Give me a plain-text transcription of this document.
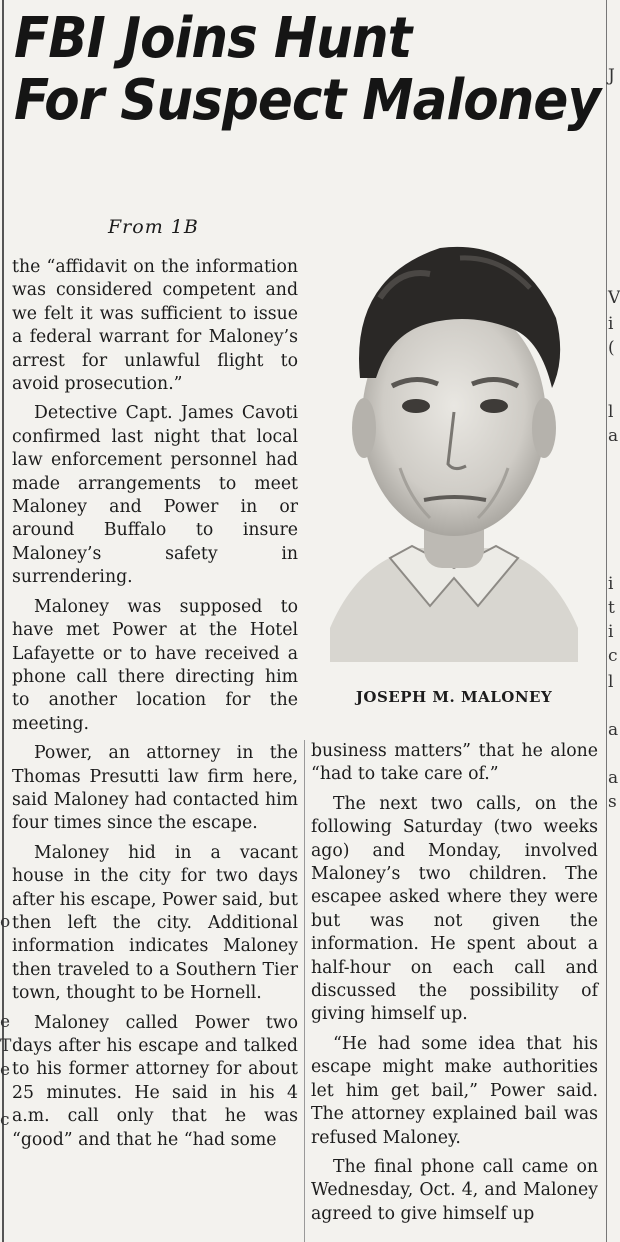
FBI Joins Hunt
For Suspect Maloney
From 1B

the “affidavit on the information was considered competent and we felt it was sufficient to issue a federal warrant for Maloney’s arrest for unlawful flight to avoid prosecution.”

Detective Capt. James Cavoti confirmed last night that local law enforcement personnel had made arrangements to meet Maloney and Power in or around Buffalo to insure Maloney’s safety in surrendering.

Maloney was supposed to have met Power at the Hotel Lafayette or to have received a phone call there directing him to another location for the meeting.

Power, an attorney in the Thomas Presutti law firm here, said Maloney had contacted him four times since the escape.

Maloney hid in a vacant house in the city for two days after his escape, Power said, but then left the city. Additional information indicates Maloney then traveled to a Southern Tier town, thought to be Hornell.

Maloney called Power two days after his escape and talked to his former attorney for about 25 minutes. He said in his 4 a.m. call only that he was “good” and that he “had some

JOSEPH M. MALONEY

business matters” that he alone “had to take care of.”

The next two calls, on the following Saturday (two weeks ago) and Monday, involved Maloney’s two children. The escapee asked where they were but was not given the information. He spent about a half-hour on each call and discussed the possibility of giving himself up.

“He had some idea that his escape might make authorities let him get bail,” Power said. The attorney explained bail was refused Maloney.

The final phone call came on Wednesday, Oct. 4, and Maloney agreed to give himself up

o
e
T
e
c
J
V
i
(
l
a
i
t
i
c
l
a
a
s
